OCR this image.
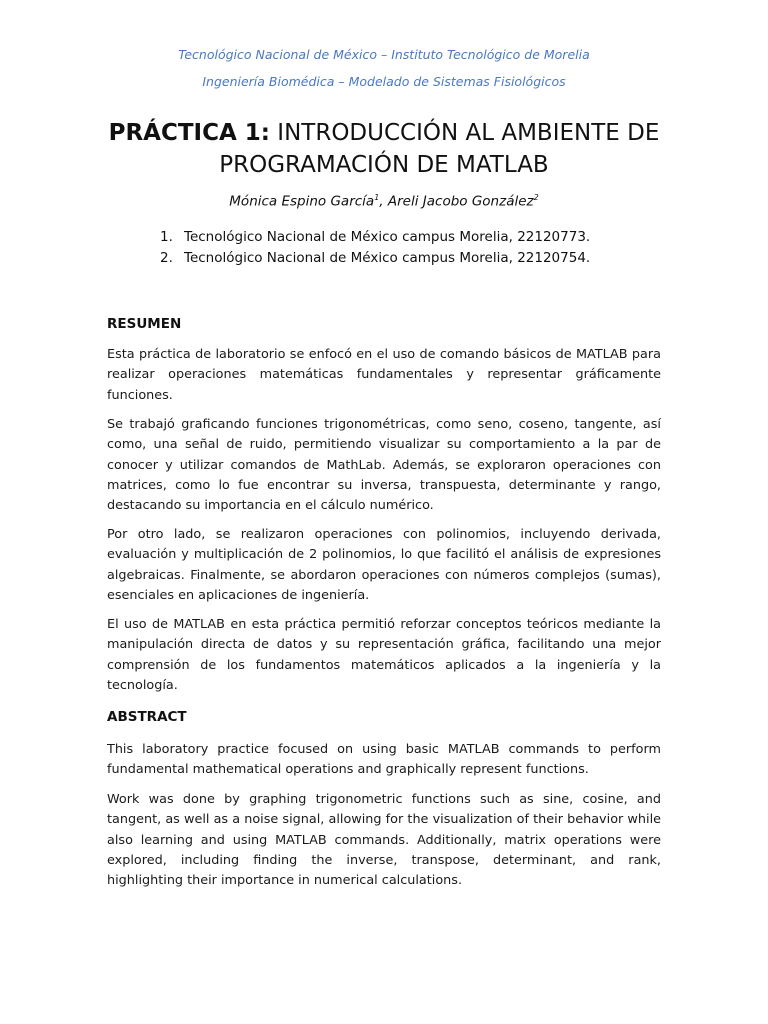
Tecnológico Nacional de México – Instituto Tecnológico de Morelia
Ingeniería Biomédica – Modelado de Sistemas Fisiológicos
PRÁCTICA 1: INTRODUCCIÓN AL AMBIENTE DE PROGRAMACIÓN DE MATLAB
Mónica Espino García$^1$, Areli Jacobo González$^2$
1. Tecnológico Nacional de México campus Morelia, 22120773.
2. Tecnológico Nacional de México campus Morelia, 22120754.
RESUMEN
Esta práctica de laboratorio se enfocó en el uso de comando básicos de MATLAB para realizar operaciones matemáticas fundamentales y representar gráficamente funciones.
Se trabajó graficando funciones trigonométricas, como seno, coseno, tangente, así como, una señal de ruido, permitiendo visualizar su comportamiento a la par de conocer y utilizar comandos de MathLab. Además, se exploraron operaciones con matrices, como lo fue encontrar su inversa, transpuesta, determinante y rango, destacando su importancia en el cálculo numérico.
Por otro lado, se realizaron operaciones con polinomios, incluyendo derivada, evaluación y multiplicación de 2 polinomios, lo que facilitó el análisis de expresiones algebraicas. Finalmente, se abordaron operaciones con números complejos (sumas), esenciales en aplicaciones de ingeniería.
El uso de MATLAB en esta práctica permitió reforzar conceptos teóricos mediante la manipulación directa de datos y su representación gráfica, facilitando una mejor comprensión de los fundamentos matemáticos aplicados a la ingeniería y la tecnología.
ABSTRACT
This laboratory practice focused on using basic MATLAB commands to perform fundamental mathematical operations and graphically represent functions.
Work was done by graphing trigonometric functions such as sine, cosine, and tangent, as well as a noise signal, allowing for the visualization of their behavior while also learning and using MATLAB commands. Additionally, matrix operations were explored, including finding the inverse, transpose, determinant, and rank, highlighting their importance in numerical calculations.
